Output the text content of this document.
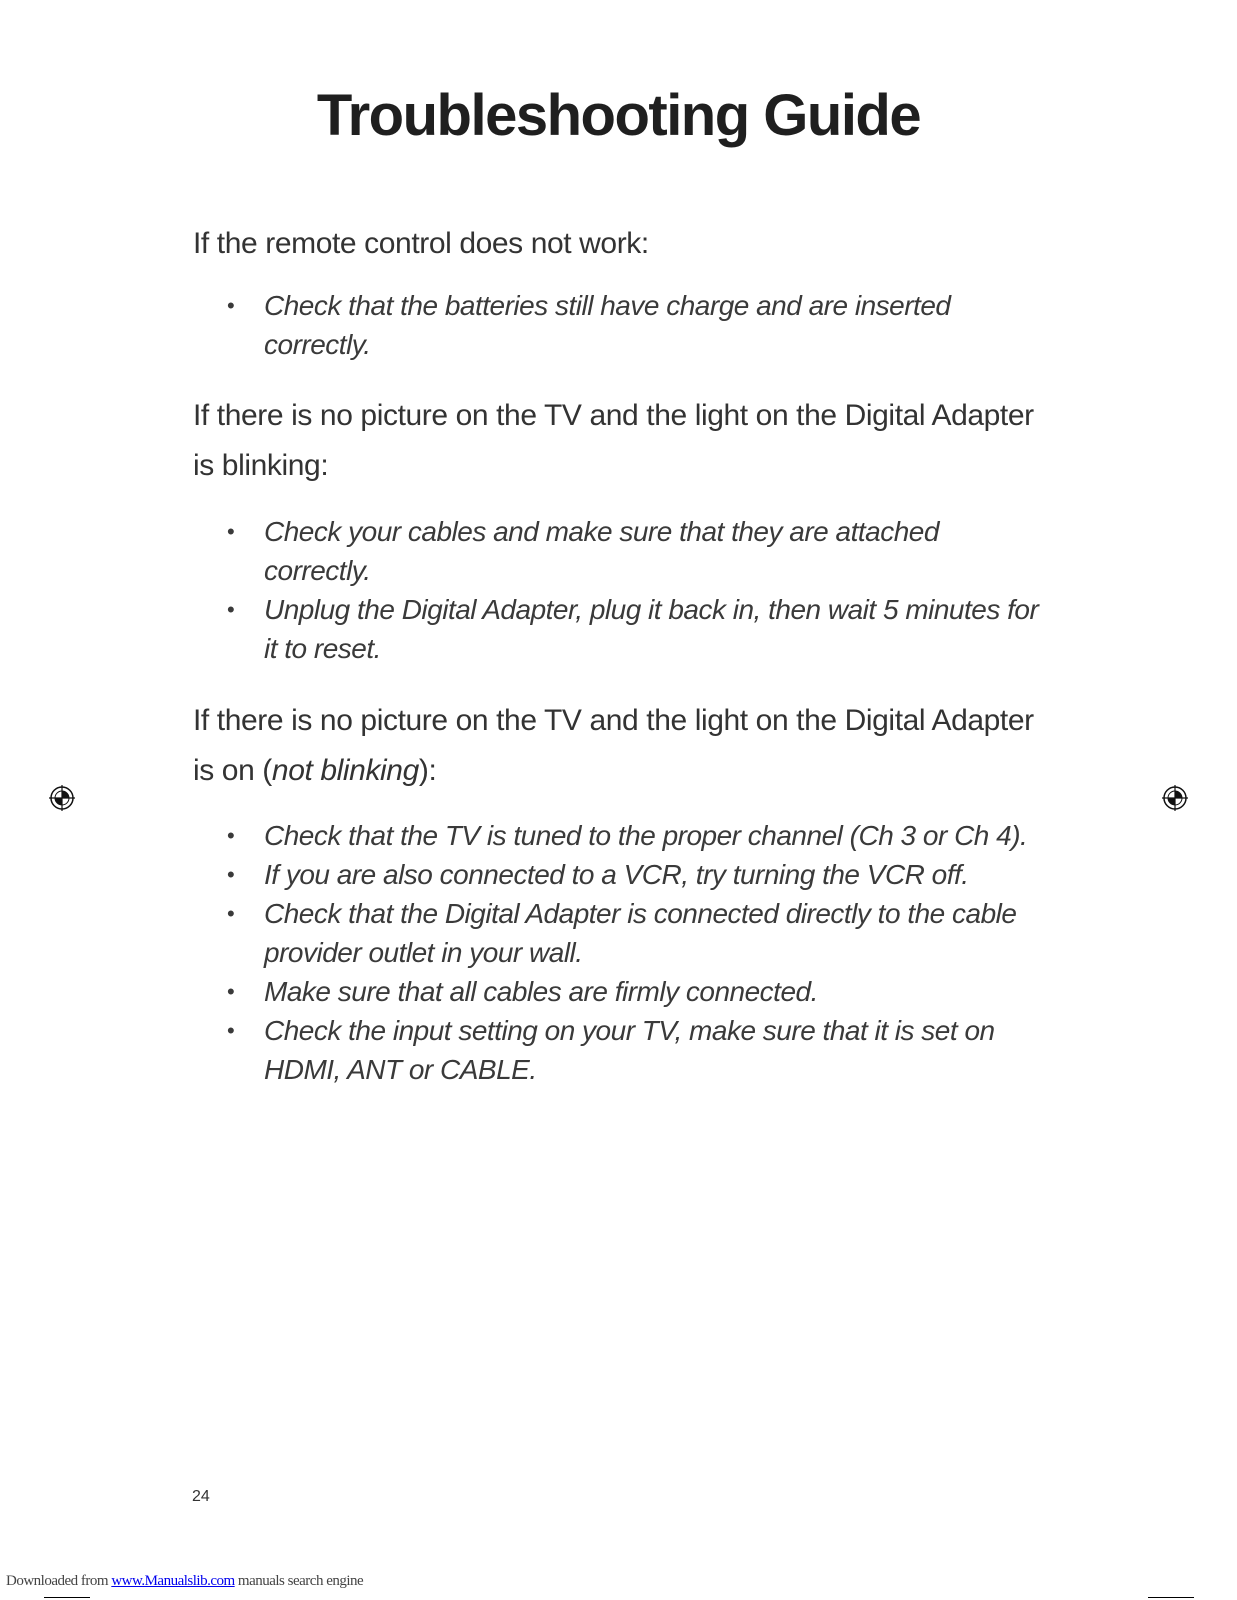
Troubleshooting Guide

If the remote control does not work:

• Check that the batteries still have charge and are inserted correctly.

If there is no picture on the TV and the light on the Digital Adapter is blinking:

• Check your cables and make sure that they are attached correctly.
• Unplug the Digital Adapter, plug it back in, then wait 5 minutes for it to reset.

If there is no picture on the TV and the light on the Digital Adapter is on (not blinking):

• Check that the TV is tuned to the proper channel (Ch 3 or Ch 4).
• If you are also connected to a VCR, try turning the VCR off.
• Check that the Digital Adapter is connected directly to the cable provider outlet in your wall.
• Make sure that all cables are firmly connected.
• Check the input setting on your TV, make sure that it is set on HDMI, ANT or CABLE.
24
Downloaded from www.Manualslib.com manuals search engine
